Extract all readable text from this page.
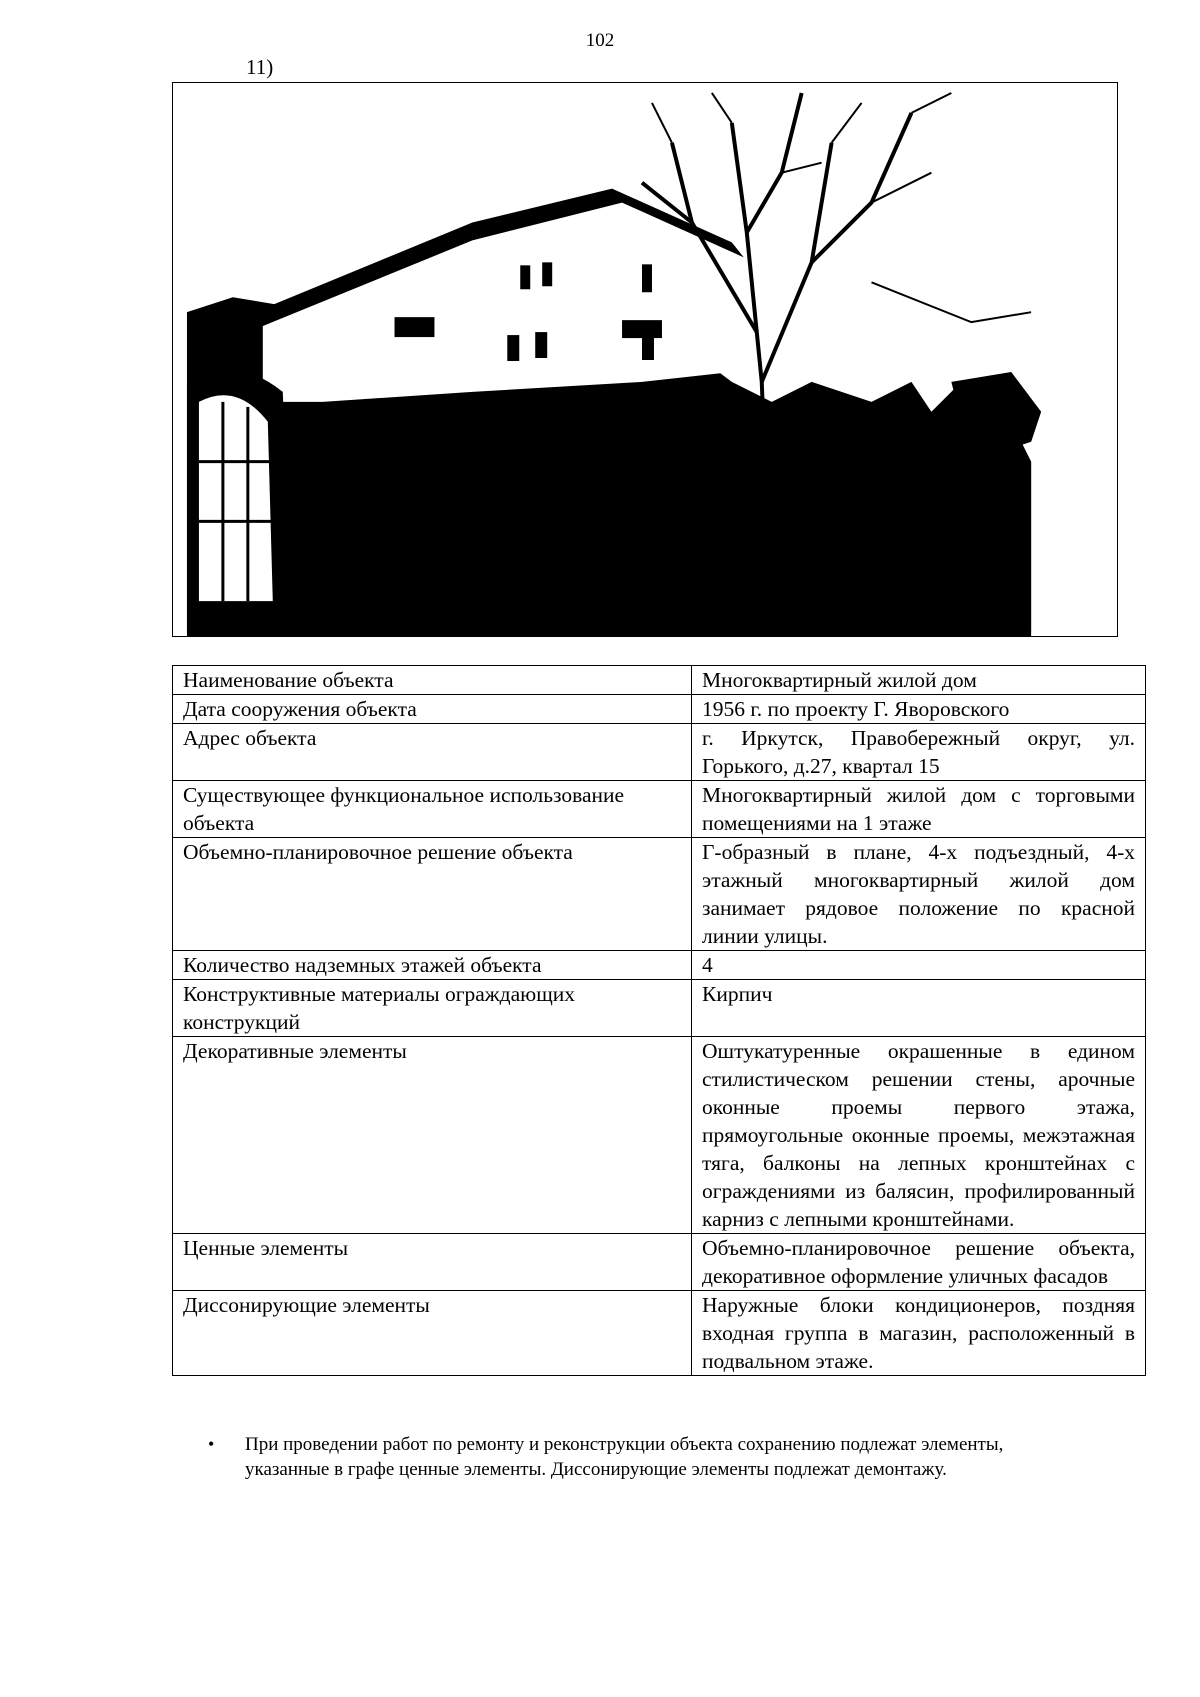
102
11)
Наименование объекта	Многоквартирный жилой дом
Дата сооружения объекта	1956 г. по проекту Г. Яворовского
Адрес объекта	г. Иркутск, Правобережный округ, ул. Горького, д.27, квартал 15
Существующее функциональное использование объекта	Многоквартирный жилой дом с торговыми помещениями на 1 этаже
Объемно-планировочное решение объекта	Г-образный в плане, 4-х подъездный, 4-х этажный многоквартирный жилой дом занимает рядовое положение по красной линии улицы.
Количество надземных этажей объекта	4
Конструктивные материалы ограждающих конструкций	Кирпич
Декоративные элементы	Оштукатуренные окрашенные в едином стилистическом решении стены, арочные оконные проемы первого этажа, прямоугольные оконные проемы, межэтажная тяга, балконы на лепных кронштейнах с ограждениями из балясин, профилированный карниз с лепными кронштейнами.
Ценные элементы	Объемно-планировочное решение объекта, декоративное оформление уличных фасадов
Диссонирующие элементы	Наружные блоки кондиционеров, поздняя входная группа в магазин, расположенный в подвальном этаже.
• При проведении работ по ремонту и реконструкции объекта сохранению подлежат элементы, указанные в графе ценные элементы. Диссонирующие элементы подлежат демонтажу.
